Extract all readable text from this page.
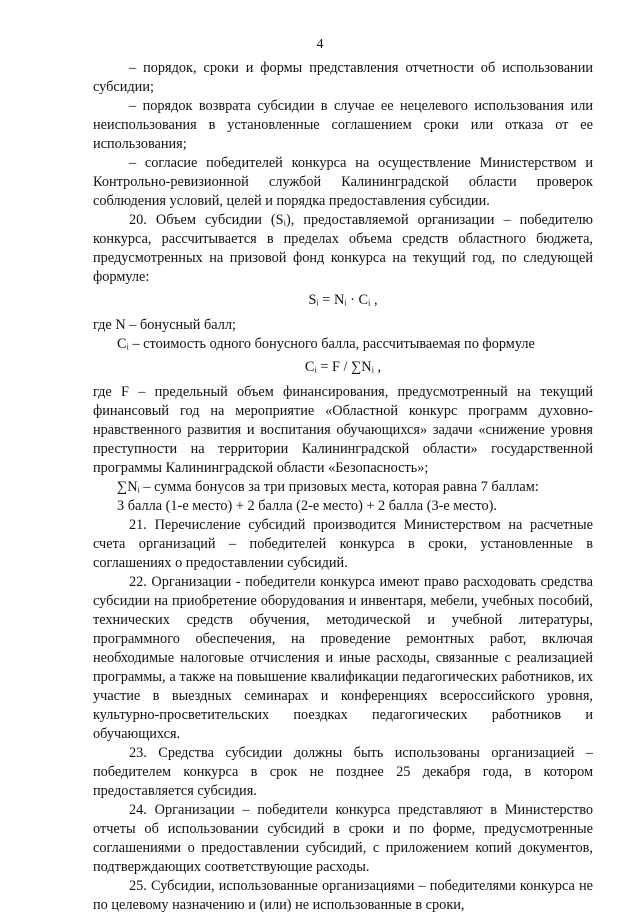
4

– порядок, сроки и формы представления отчетности об использовании субсидии;

– порядок возврата субсидии в случае ее нецелевого использования или неиспользования в установленные соглашением сроки или отказа от ее использования;

– согласие победителей конкурса на осуществление Министерством и Контрольно-ревизионной службой Калининградской области проверок соблюдения условий, целей и порядка предоставления субсидии.

20. Объем субсидии (Sᵢ), предоставляемой организации – победителю конкурса, рассчитывается в пределах объема средств областного бюджета, предусмотренных на призовой фонд конкурса на текущий год, по следующей формуле:

Sᵢ = Nᵢ · Cᵢ ,

где N – бонусный балл;

Cᵢ – стоимость одного бонусного балла, рассчитываемая по формуле

Cᵢ = F / ∑Nᵢ ,

где F – предельный объем финансирования, предусмотренный на текущий финансовый год на мероприятие «Областной конкурс программ духовно-нравственного развития и воспитания обучающихся» задачи «снижение уровня преступности на территории Калининградской области» государственной программы Калининградской области «Безопасность»;

∑Nᵢ – сумма бонусов за три призовых места, которая равна 7 баллам:

3 балла (1-е место) + 2 балла (2-е место) + 2 балла (3-е место).

21. Перечисление субсидий производится Министерством на расчетные счета организаций – победителей конкурса в сроки, установленные в соглашениях о предоставлении субсидий.

22. Организации - победители конкурса имеют право расходовать средства субсидии на приобретение оборудования и инвентаря, мебели, учебных пособий, технических средств обучения, методической и учебной литературы, программного обеспечения, на проведение ремонтных работ, включая необходимые налоговые отчисления и иные расходы, связанные с реализацией программы, а также на повышение квалификации педагогических работников, их участие в выездных семинарах и конференциях всероссийского уровня, культурно-просветительских поездках педагогических работников и обучающихся.

23. Средства субсидии должны быть использованы организацией – победителем конкурса в срок не позднее 25 декабря года, в котором предоставляется субсидия.

24. Организации – победители конкурса представляют в Министерство отчеты об использовании субсидий в сроки и по форме, предусмотренные соглашениями о предоставлении субсидий, с приложением копий документов, подтверждающих соответствующие расходы.

25. Субсидии, использованные организациями – победителями конкурса не по целевому назначению и (или) не использованные в сроки,
